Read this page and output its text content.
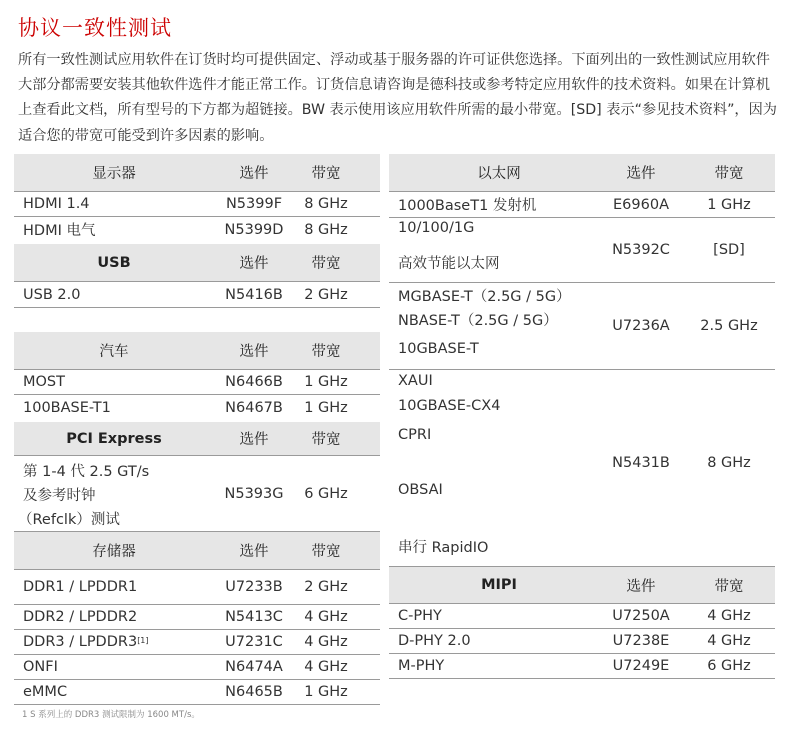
协议一致性测试

所有一致性测试应用软件在订货时均可提供固定、浮动或基于服务器的许可证供您选择。下面列出的一致性测试应用软件大部分都需要安装其他软件选件才能正常工作。订货信息请咨询是德科技或参考特定应用软件的技术资料。如果在计算机上查看此文档，所有型号的下方都为超链接。BW 表示使用该应用软件所需的最小带宽。[SD] 表示“参见技术资料”，因为适合您的带宽可能受到许多因素的影响。

显示器	选件	带宽
HDMI 1.4	N5399F	8 GHz
HDMI 电气	N5399D	8 GHz
USB	选件	带宽
USB 2.0	N5416B	2 GHz
汽车	选件	带宽
MOST	N6466B	1 GHz
100BASE-T1	N6467B	1 GHz
PCI Express	选件	带宽
第 1-4 代 2.5 GT/s
及参考时钟
（Refclk）测试
N5393G	6 GHz
存储器	选件	带宽
DDR1 / LPDDR1	U7233B	2 GHz
DDR2 / LPDDR2	N5413C	4 GHz
DDR3 / LPDDR3[1]	U7231C	4 GHz
ONFI	N6474A	4 GHz
eMMC	N6465B	1 GHz
以太网	选件	带宽
1000BaseT1 发射机	E6960A	1 GHz
10/100/1G
高效节能以太网
N5392C	[SD]
MGBASE-T（2.5G / 5G）
NBASE-T（2.5G / 5G）
10GBASE-T
U7236A	2.5 GHz
XAUI
10GBASE-CX4
CPRI
OBSAI
串行 RapidIO
N5431B	8 GHz
MIPI	选件	带宽
C-PHY	U7250A	4 GHz
D-PHY 2.0	U7238E	4 GHz
M-PHY	U7249E	6 GHz
1 S 系列上的 DDR3 测试限制为 1600 MT/s。
